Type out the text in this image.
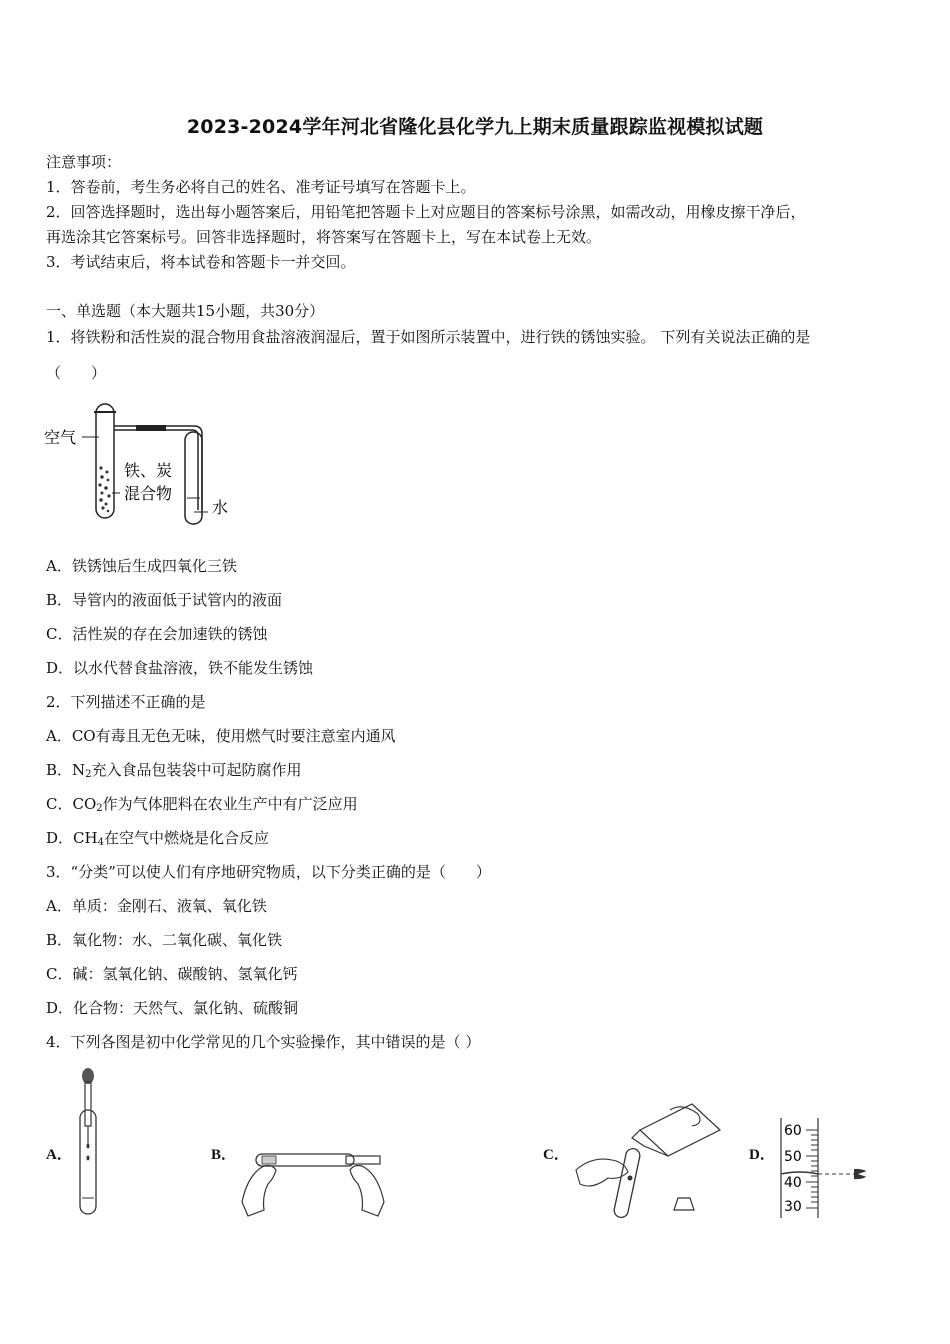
2023-2024学年河北省隆化县化学九上期末质量跟踪监视模拟试题
注意事项：
1．答卷前，考生务必将自己的姓名、准考证号填写在答题卡上。
2．回答选择题时，选出每小题答案后，用铅笔把答题卡上对应题目的答案标号涂黑，如需改动，用橡皮擦干净后，
再选涂其它答案标号。回答非选择题时，将答案写在答题卡上，写在本试卷上无效。
3．考试结束后，将本试卷和答题卡一并交回。
一、单选题（本大题共15小题，共30分）
1．将铁粉和活性炭的混合物用食盐溶液润湿后，置于如图所示装置中，进行铁的锈蚀实验。 下列有关说法正确的是
（　　）
空气
铁、炭
混合物
水
A．铁锈蚀后生成四氧化三铁
B．导管内的液面低于试管内的液面
C．活性炭的存在会加速铁的锈蚀
D．以水代替食盐溶液，铁不能发生锈蚀
2．下列描述不正确的是
A．CO有毒且无色无味，使用燃气时要注意室内通风
B．$N_2$充入食品包装袋中可起防腐作用
C．$CO_2$作为气体肥料在农业生产中有广泛应用
D．$CH_4$在空气中燃烧是化合反应
3．“分类”可以使人们有序地研究物质，以下分类正确的是（　　）
A．单质：金刚石、液氧、氧化铁
B．氧化物：水、二氧化碳、氧化铁
C．碱：氢氧化钠、碳酸钠、氢氧化钙
D．化合物：天然气、氯化钠、硫酸铜
4．下列各图是初中化学常见的几个实验操作，其中错误的是（ ）
A．	B．	C．	D．
60
50
40
30
